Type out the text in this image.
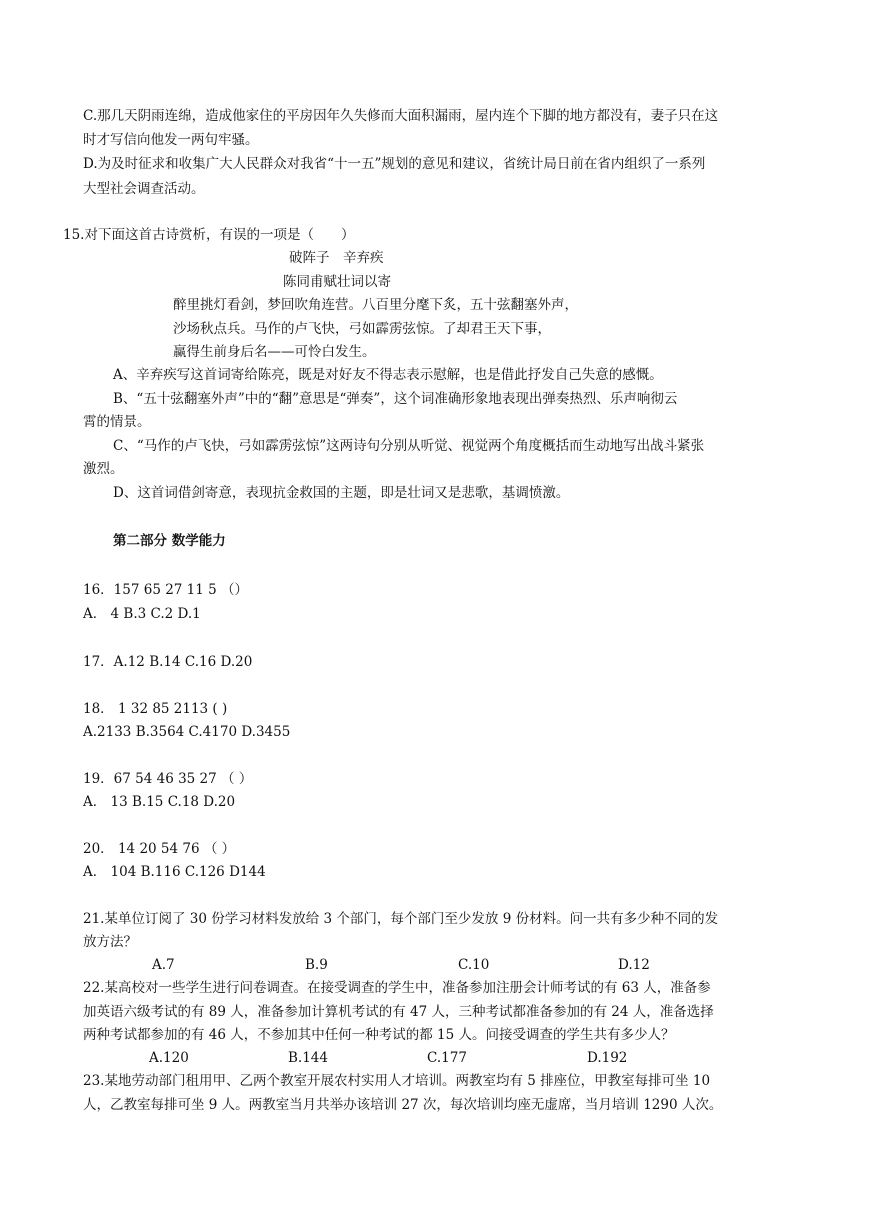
C.那几天阴雨连绵，造成他家住的平房因年久失修而大面积漏雨，屋内连个下脚的地方都没有，妻子只在这
时才写信向他发一两句牢骚。
D.为及时征求和收集广大人民群众对我省“十一五”规划的意见和建议，省统计局日前在省内组织了一系列
大型社会调查活动。
15.对下面这首古诗赏析，有误的一项是（　　）
破阵子　辛弃疾
陈同甫赋壮词以寄
醉里挑灯看剑，梦回吹角连营。八百里分麾下炙，五十弦翻塞外声，
沙场秋点兵。马作的卢飞快，弓如霹雳弦惊。了却君王天下事，
赢得生前身后名——可怜白发生。
A、辛弃疾写这首词寄给陈亮，既是对好友不得志表示慰解，也是借此抒发自己失意的感慨。
B、“五十弦翻塞外声”中的“翻”意思是“弹奏”，这个词准确形象地表现出弹奏热烈、乐声响彻云
霄的情景。
C、“马作的卢飞快，弓如霹雳弦惊”这两诗句分别从听觉、视觉两个角度概括而生动地写出战斗紧张
激烈。
D、这首词借剑寄意，表现抗金救国的主题，即是壮词又是悲歌，基调愤激。
第二部分 数学能力
16．157 65 27 11 5 （）
A． 4 B.3 C.2 D.1
17．A.12 B.14 C.16 D.20
18． 1 32 85 2113 ( )
A.2133 B.3564 C.4170 D.3455
19．67 54 46 35 27 （ ）
A． 13 B.15 C.18 D.20
20． 14 20 54 76 （ ）
A． 104 B.116 C.126 D144
21.某单位订阅了 30 份学习材料发放给 3 个部门，每个部门至少发放 9 份材料。问一共有多少种不同的发
放方法？
A.7	B.9	C.10	D.12
22.某高校对一些学生进行问卷调查。在接受调查的学生中，准备参加注册会计师考试的有 63 人，准备参
加英语六级考试的有 89 人，准备参加计算机考试的有 47 人，三种考试都准备参加的有 24 人，准备选择
两种考试都参加的有 46 人，不参加其中任何一种考试的都 15 人。问接受调查的学生共有多少人？
A.120	B.144	C.177	D.192
23.某地劳动部门租用甲、乙两个教室开展农村实用人才培训。两教室均有 5 排座位，甲教室每排可坐 10
人，乙教室每排可坐 9 人。两教室当月共举办该培训 27 次，每次培训均座无虚席，当月培训 1290 人次。
